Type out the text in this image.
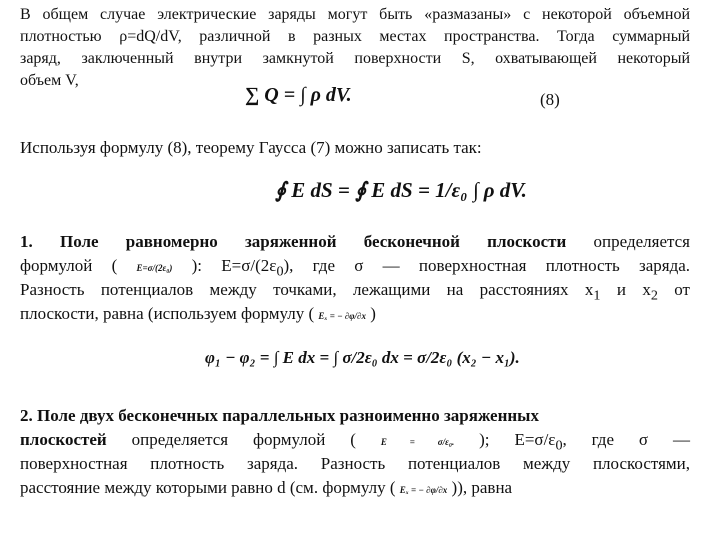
В общем случае электрические заряды могут быть «размазаны» с некоторой объемной
плотностью ρ=dQ/dV, различной в разных местах пространства. Тогда суммарный
заряд, заключенный внутри замкнутой поверхности S, охватывающей некоторый
объем V,
∑ Q = ∫ ρ dV.	(8)
Используя формулу (8), теорему Гаусса (7) можно записать так:
∮ E dS = ∮ E dS = 1/ε₀ ∫ ρ dV.
1. Поле равномерно заряженной бесконечной плоскости определяется
формулой ( E=σ/(2ε₀) ): $E=\sigma/(2\varepsilon_0)$, где σ — поверхностная плотность заряда.
Разность потенциалов между точками, лежащими на расстояниях $x_1$ и $x_2$ от
плоскости, равна (используем формулу ( Eₓ = − ∂φ/∂x )
φ₁ − φ₂ = ∫ E dx = ∫ σ/2ε₀ dx = σ/2ε₀ (x₂ − x₁).
2. Поле двух бесконечных параллельных разноименно заряженных
плоскостей определяется формулой (	E = σ/ε₀. ); $E=\sigma/\varepsilon_0$, где σ —
поверхностная плотность заряда. Разность потенциалов между плоскостями,
расстояние между которыми равно d (см. формулу ( Eₓ = − ∂φ/∂x )), равна
